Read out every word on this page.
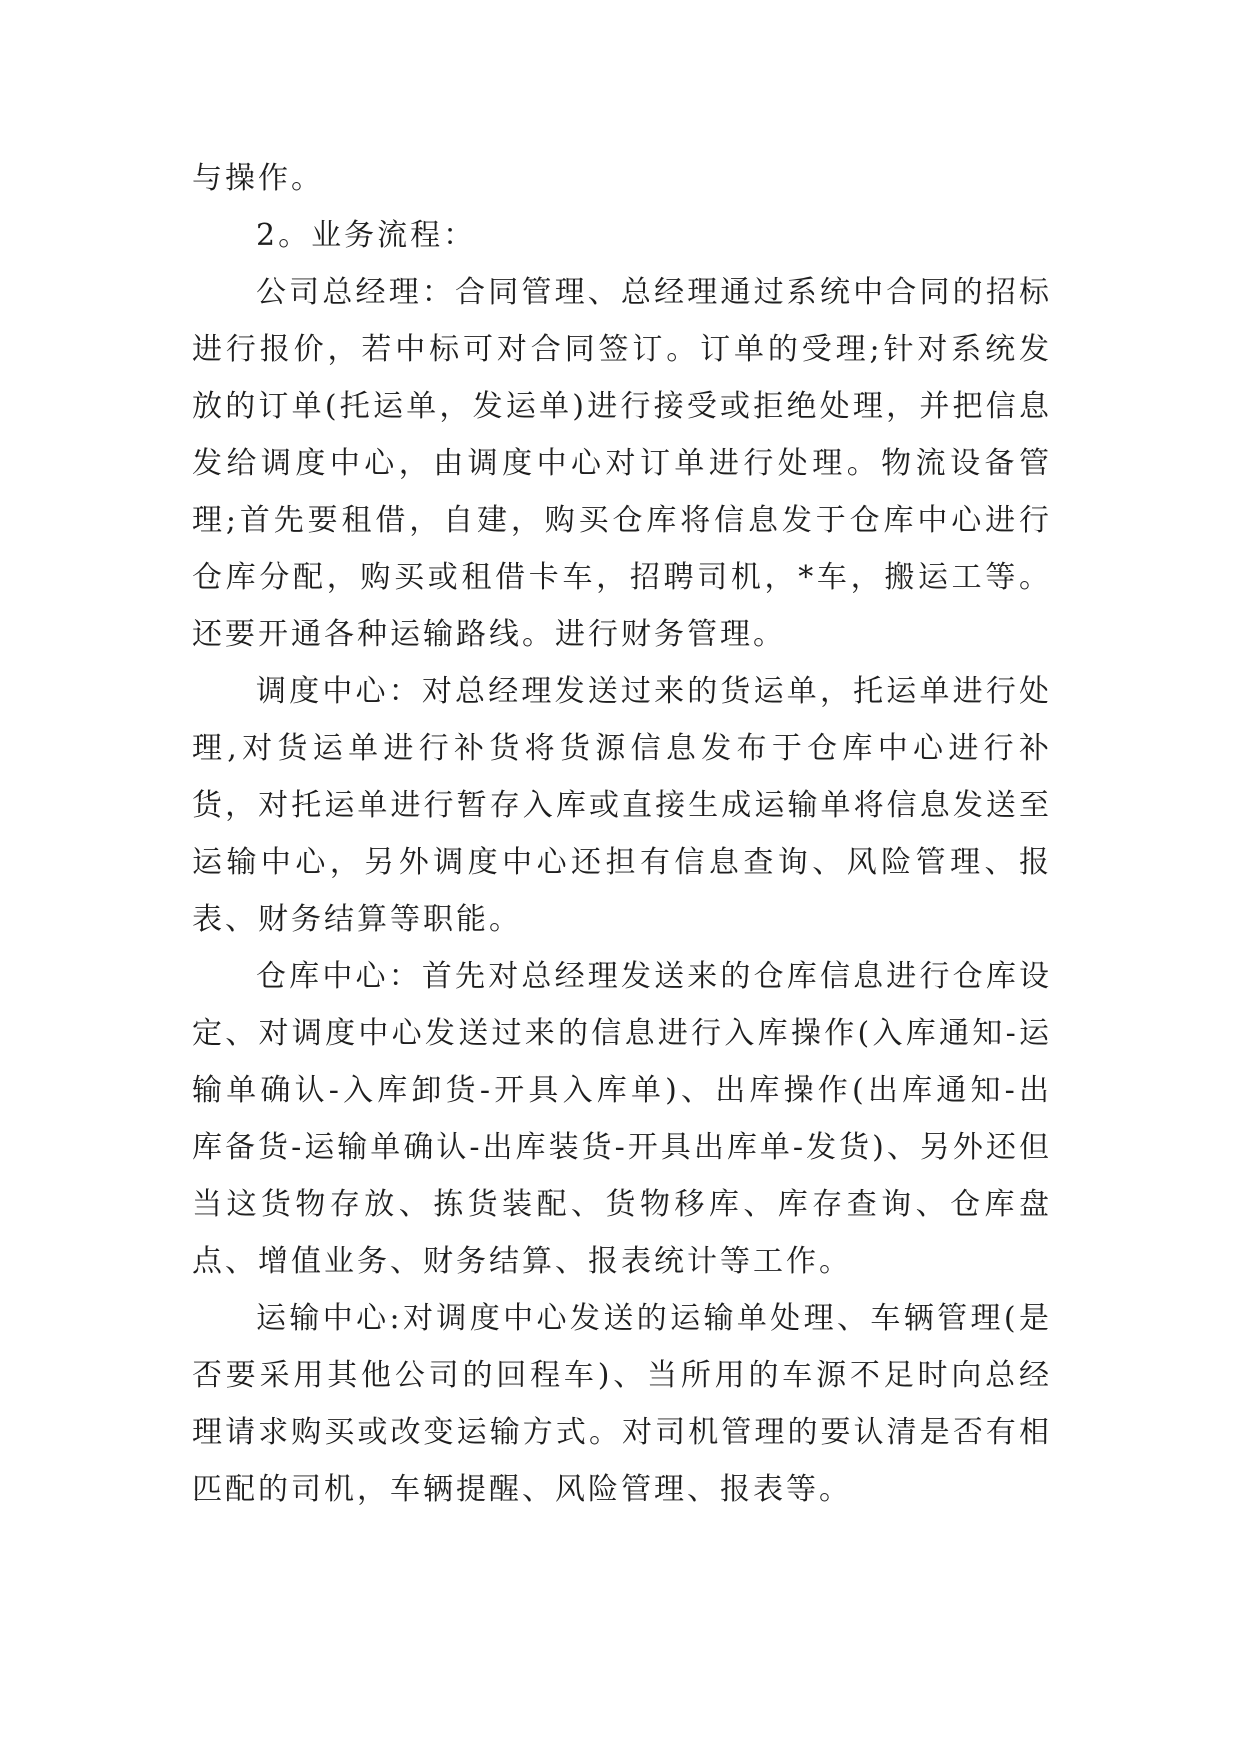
与操作。

2。业务流程：

公司总经理：合同管理、总经理通过系统中合同的招标进行报价，若中标可对合同签订。订单的受理;针对系统发放的订单(托运单，发运单)进行接受或拒绝处理，并把信息发给调度中心，由调度中心对订单进行处理。物流设备管理;首先要租借，自建，购买仓库将信息发于仓库中心进行仓库分配，购买或租借卡车，招聘司机，*车，搬运工等。还要开通各种运输路线。进行财务管理。

调度中心：对总经理发送过来的货运单，托运单进行处理,对货运单进行补货将货源信息发布于仓库中心进行补货，对托运单进行暂存入库或直接生成运输单将信息发送至运输中心，另外调度中心还担有信息查询、风险管理、报表、财务结算等职能。

仓库中心：首先对总经理发送来的仓库信息进行仓库设定、对调度中心发送过来的信息进行入库操作(入库通知-运输单确认-入库卸货-开具入库单)、出库操作(出库通知-出库备货-运输单确认-出库装货-开具出库单-发货)、另外还但当这货物存放、拣货装配、货物移库、库存查询、仓库盘点、增值业务、财务结算、报表统计等工作。

运输中心:对调度中心发送的运输单处理、车辆管理(是否要采用其他公司的回程车)、当所用的车源不足时向总经理请求购买或改变运输方式。对司机管理的要认清是否有相匹配的司机，车辆提醒、风险管理、报表等。
